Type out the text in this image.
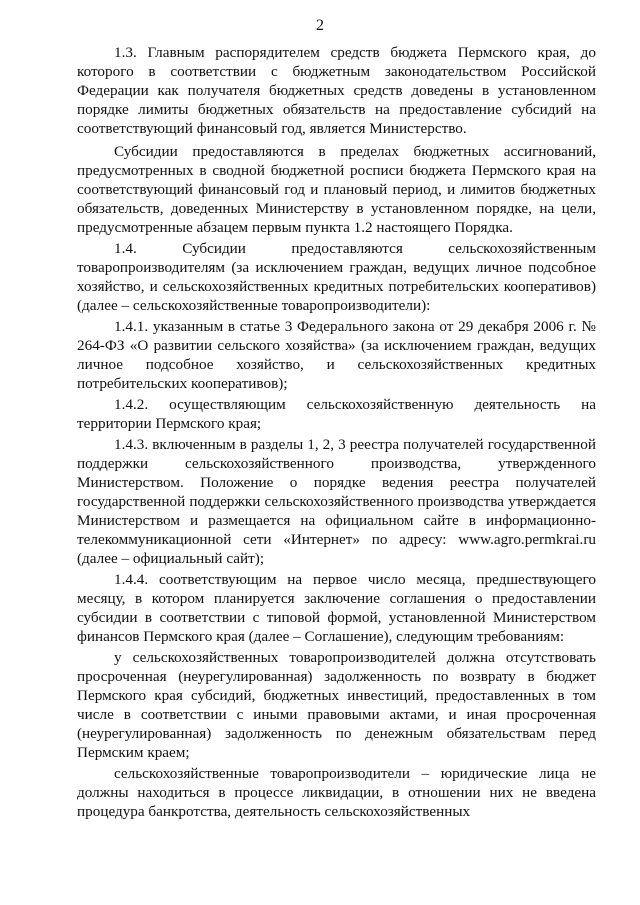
2

1.3. Главным распорядителем средств бюджета Пермского края, до которого в соответствии с бюджетным законодательством Российской Федерации как получателя бюджетных средств доведены в установленном порядке лимиты бюджетных обязательств на предоставление субсидий на соответствующий финансовый год, является Министерство.

Субсидии предоставляются в пределах бюджетных ассигнований, предусмотренных в сводной бюджетной росписи бюджета Пермского края на соответствующий финансовый год и плановый период, и лимитов бюджетных обязательств, доведенных Министерству в установленном порядке, на цели, предусмотренные абзацем первым пункта 1.2 настоящего Порядка.

1.4. Субсидии предоставляются сельскохозяйственным товаропроизводителям (за исключением граждан, ведущих личное подсобное хозяйство, и сельскохозяйственных кредитных потребительских кооперативов) (далее – сельскохозяйственные товаропроизводители):

1.4.1. указанным в статье 3 Федерального закона от 29 декабря 2006 г. № 264-ФЗ «О развитии сельского хозяйства» (за исключением граждан, ведущих личное подсобное хозяйство, и сельскохозяйственных кредитных потребительских кооперативов);

1.4.2. осуществляющим сельскохозяйственную деятельность на территории Пермского края;

1.4.3. включенным в разделы 1, 2, 3 реестра получателей государственной поддержки сельскохозяйственного производства, утвержденного Министерством. Положение о порядке ведения реестра получателей государственной поддержки сельскохозяйственного производства утверждается Министерством и размещается на официальном сайте в информационно-телекоммуникационной сети «Интернет» по адресу: www.agro.permkrai.ru (далее – официальный сайт);

1.4.4. соответствующим на первое число месяца, предшествующего месяцу, в котором планируется заключение соглашения о предоставлении субсидии в соответствии с типовой формой, установленной Министерством финансов Пермского края (далее – Соглашение), следующим требованиям:

у сельскохозяйственных товаропроизводителей должна отсутствовать просроченная (неурегулированная) задолженность по возврату в бюджет Пермского края субсидий, бюджетных инвестиций, предоставленных в том числе в соответствии с иными правовыми актами, и иная просроченная (неурегулированная) задолженность по денежным обязательствам перед Пермским краем;

сельскохозяйственные товаропроизводители – юридические лица не должны находиться в процессе ликвидации, в отношении них не введена процедура банкротства, деятельность сельскохозяйственных
